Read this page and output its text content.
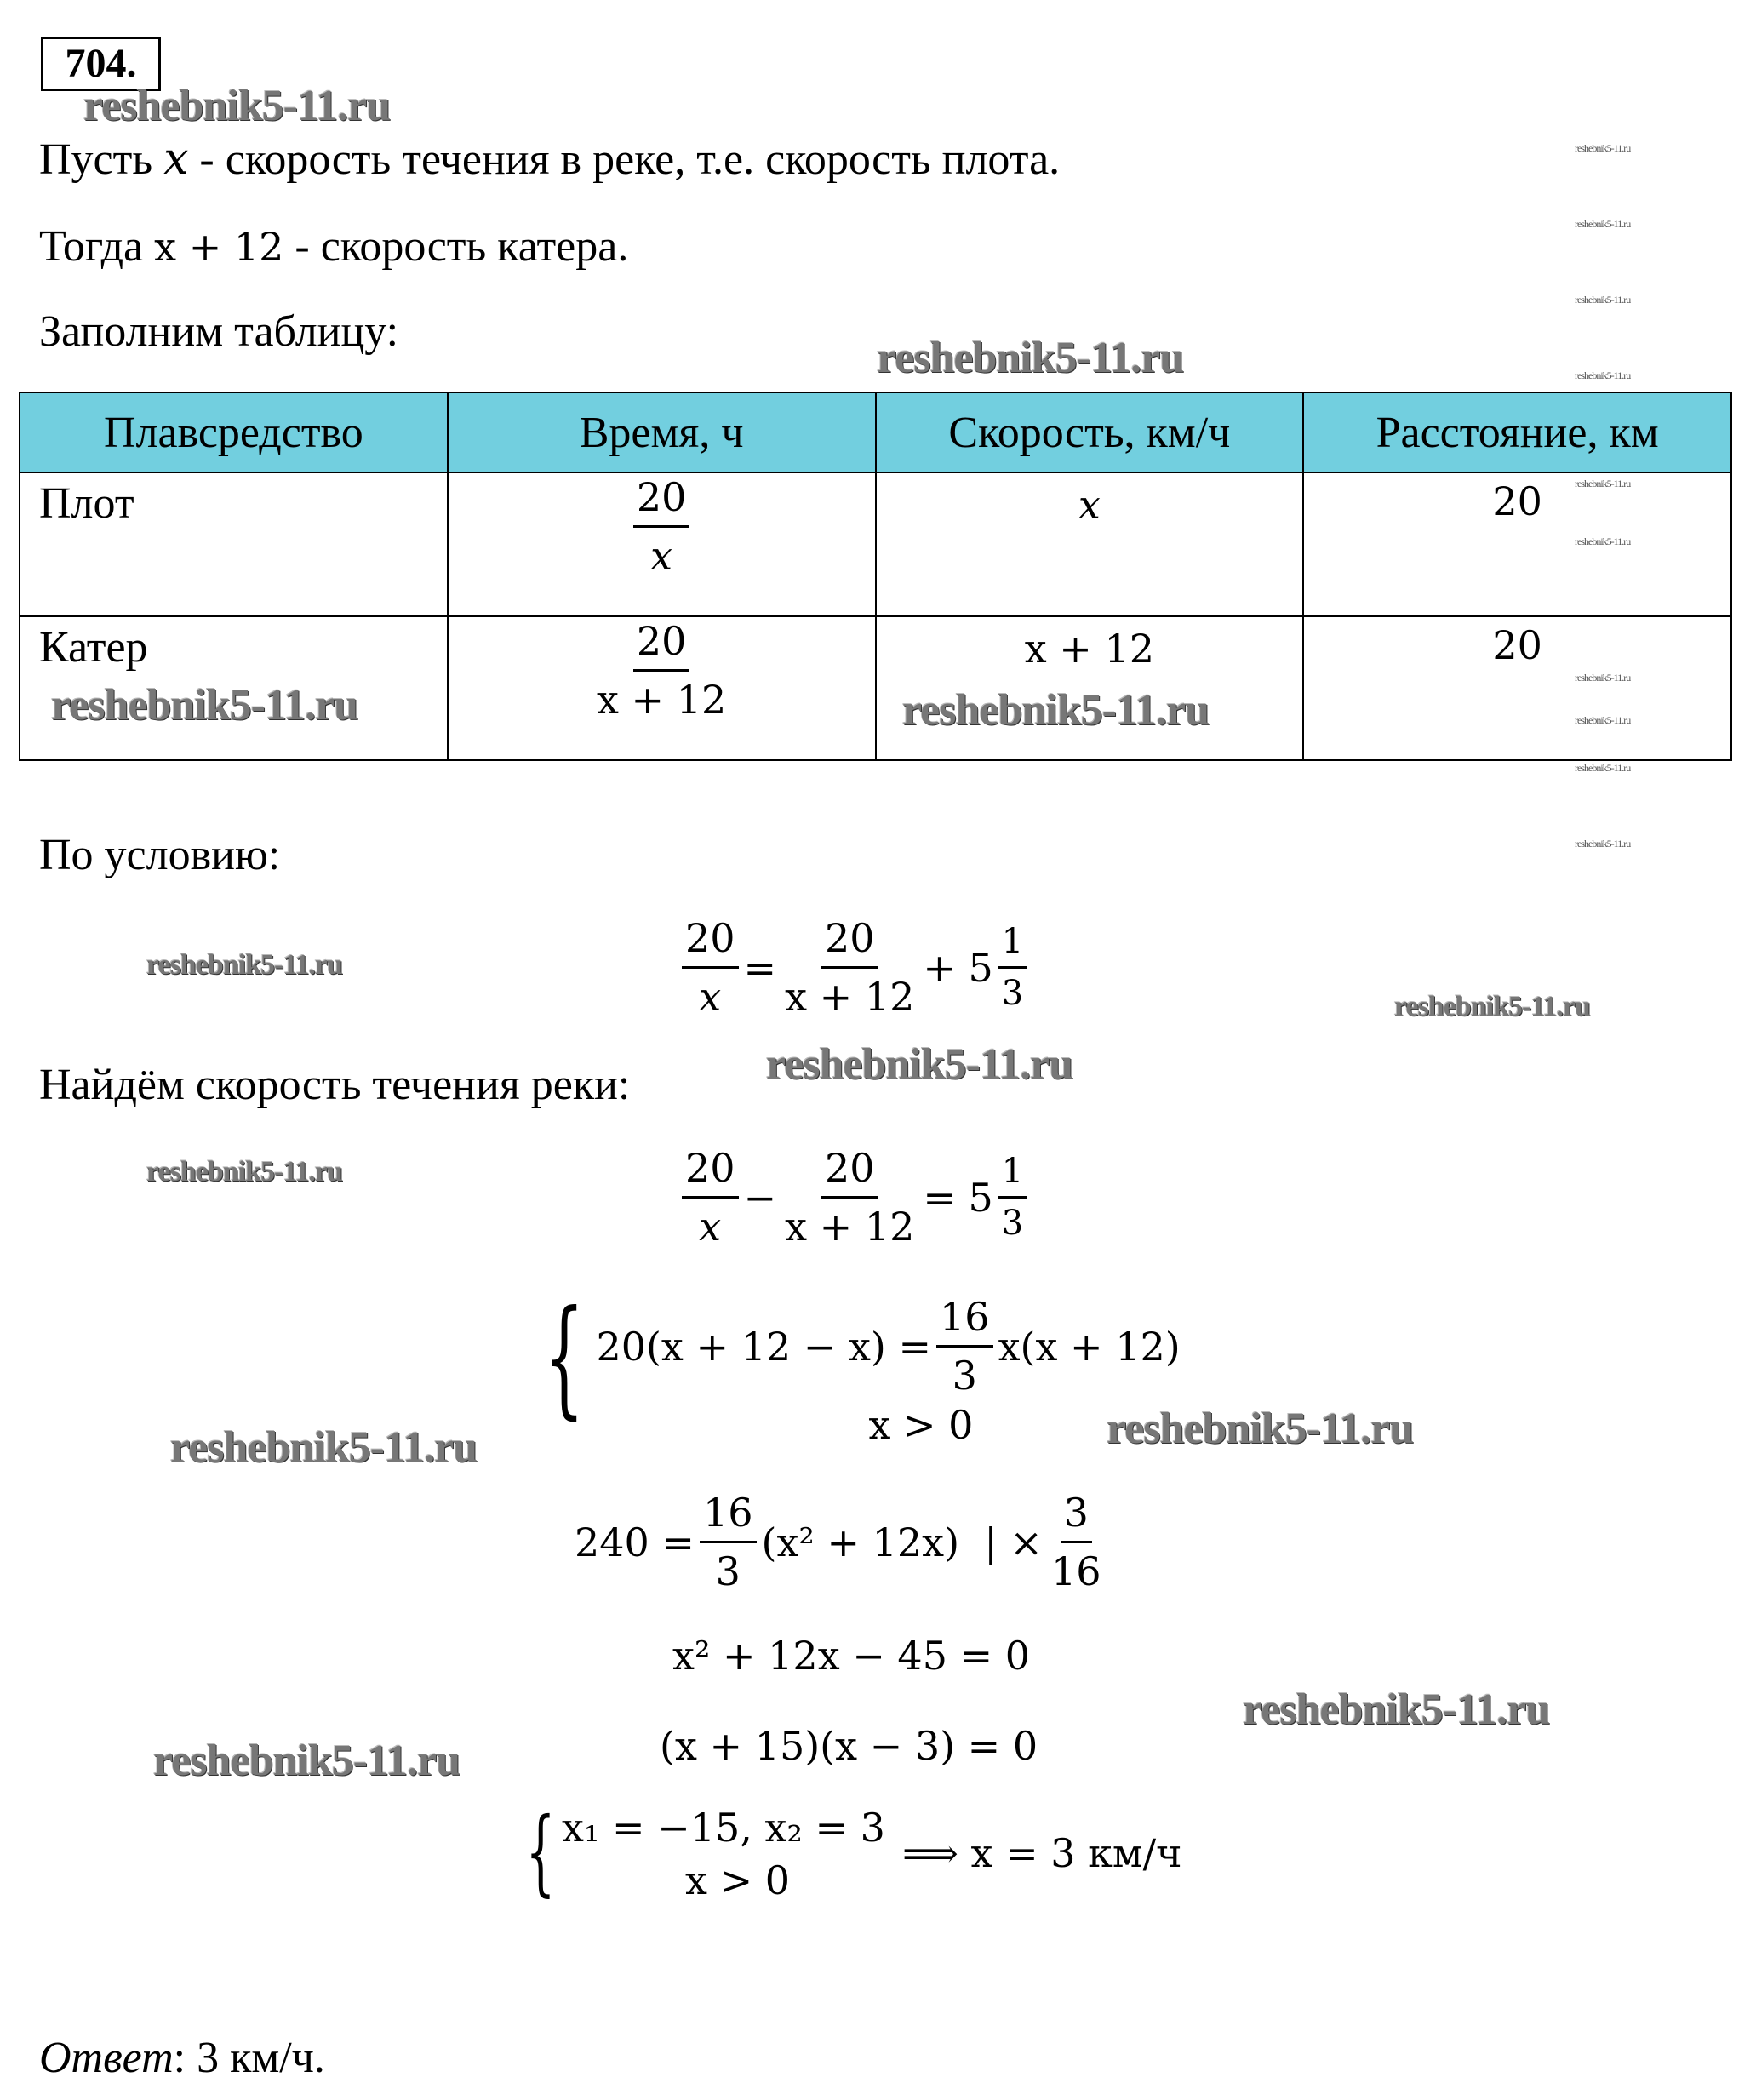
704.
reshebnik5-11.ru
Пусть x - скорость течения в реке, т.е. скорость плота.
Тогда x + 12 - скорость катера.
Заполним таблицу:
reshebnik5-11.ru
Плавсредство	Время, ч	Скорость, км/ч	Расстояние, км
Плот	$\frac{20}{x}$	x	20
Катер	$\frac{20}{x + 12}$	x + 12	20
reshebnik5-11.ru	reshebnik5-11.ru
По условию:
reshebnik5-11.ru	$\frac{20}{x} = \frac{20}{x + 12} + 5 \frac{1}{3}$	reshebnik5-11.ru
reshebnik5-11.ru
Найдём скорость течения реки:
reshebnik5-11.ru	$\frac{20}{x} - \frac{20}{x + 12} = 5 \frac{1}{3}$
{ $20(x + 12 - x) = \frac{16}{3} x(x + 12)$
x > 0	reshebnik5-11.ru
reshebnik5-11.ru
$240 = \frac{16}{3} (x^2 + 12x)$  | × $\frac{3}{16}$
x² + 12x − 45 = 0
reshebnik5-11.ru
(x + 15)(x − 3) = 0
reshebnik5-11.ru
{ x₁ = −15, x₂ = 3
x > 0
⟹ x = 3 км/ч
Ответ: 3 км/ч.
reshebnik5-11.ru
reshebnik5-11.ru
reshebnik5-11.ru
reshebnik5-11.ru
reshebnik5-11.ru
reshebnik5-11.ru
reshebnik5-11.ru
reshebnik5-11.ru
reshebnik5-11.ru
reshebnik5-11.ru
